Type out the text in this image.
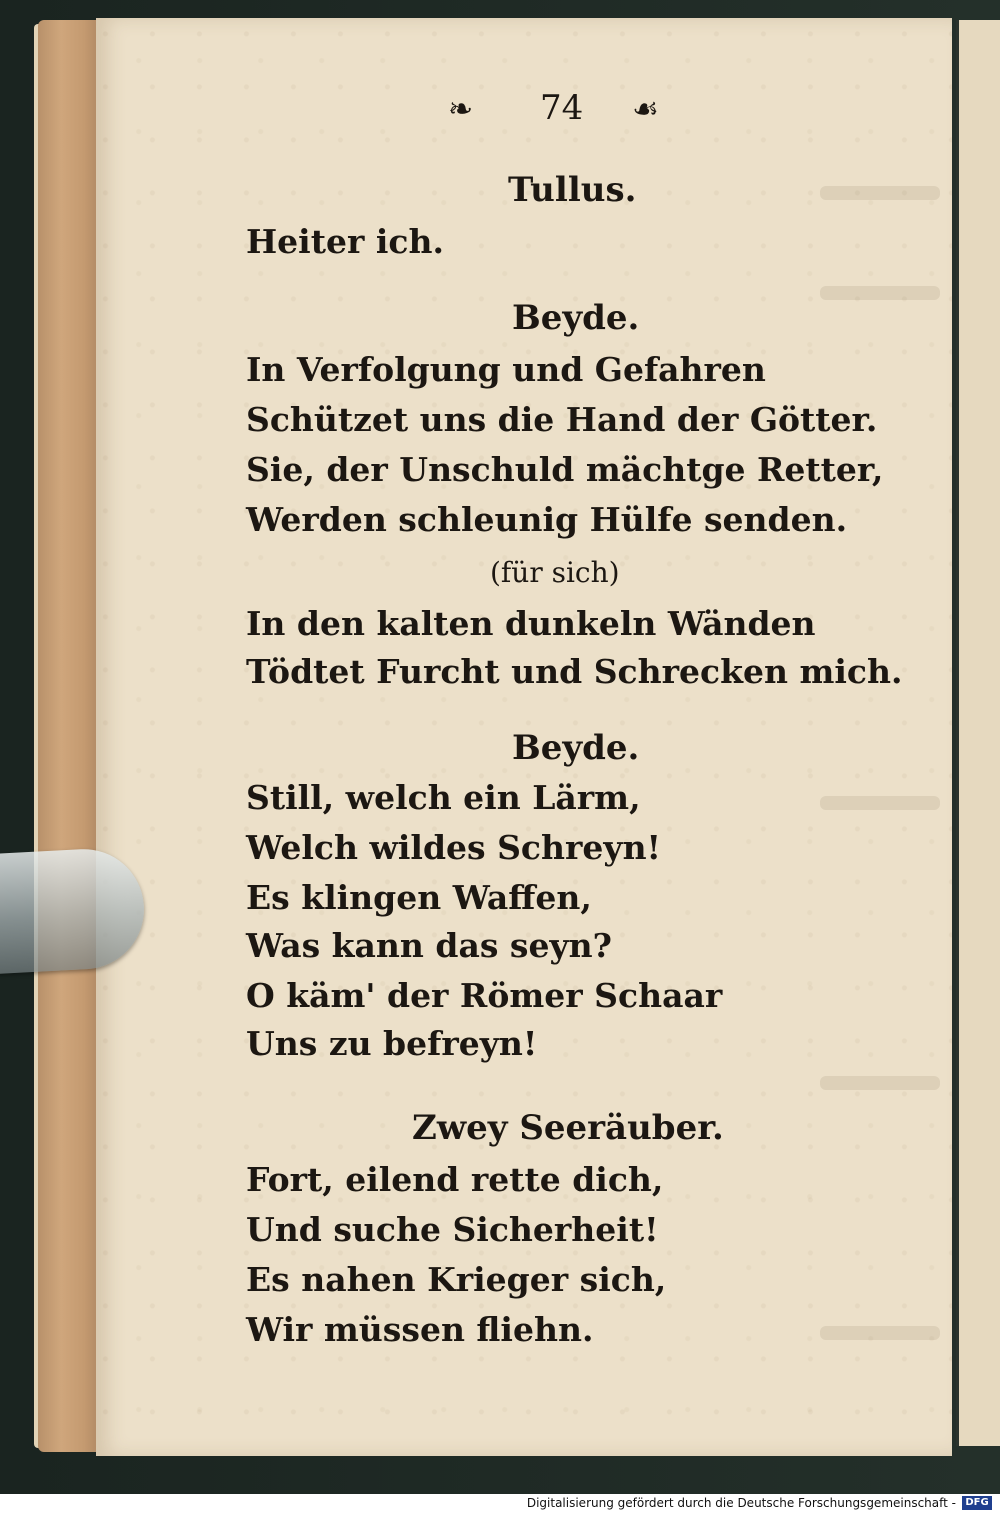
❧ 74 ☙
Tullus.
Heiter ich.
Beyde.
In Verfolgung und Gefahren
Schützet uns die Hand der Götter.
Sie, der Unschuld mächtge Retter,
Werden schleunig Hülfe senden.
(für sich)
In den kalten dunkeln Wänden
Tödtet Furcht und Schrecken mich.
Beyde.
Still, welch ein Lärm,
Welch wildes Schreyn!
Es klingen Waffen,
Was kann das seyn?
O käm' der Römer Schaar
Uns zu befreyn!
Zwey Seeräuber.
Fort, eilend rette dich,
Und suche Sicherheit!
Es nahen Krieger sich,
Wir müssen fliehn.
Digitalisierung gefördert durch die Deutsche Forschungsgemeinschaft - DFG
